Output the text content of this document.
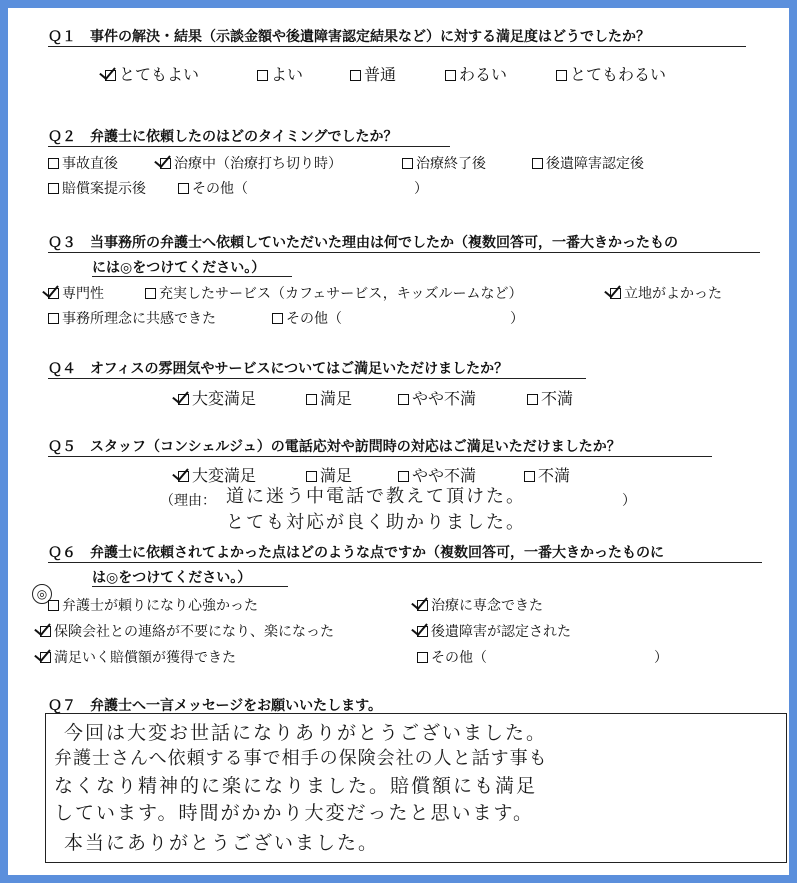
Ｑ１　事件の解決・結果（示談金額や後遺障害認定結果など）に対する満足度はどうでしたか？
とてもよい	よい	普通	わるい	とてもわるい
Ｑ２　弁護士に依頼したのはどのタイミングでしたか？
事故直後	治療中（治療打ち切り時）	治療終了後	後遺障害認定後
賠償案提示後	その他（	）
Ｑ３　当事務所の弁護士へ依頼していただいた理由は何でしたか（複数回答可，一番大きかったもの
には◎をつけてください。）
専門性	充実したサービス（カフェサービス，キッズルームなど）	立地がよかった
事務所理念に共感できた	その他（	）
Ｑ４　オフィスの雰囲気やサービスについてはご満足いただけましたか？
大変満足	満足	やや不満	不満
Ｑ５　スタッフ（コンシェルジュ）の電話応対や訪問時の対応はご満足いただけましたか？
大変満足	満足	やや不満	不満
（理由： 道に迷う中電話で教えて頂けた。	）
とても対応が良く助かりました。
Ｑ６　弁護士に依頼されてよかった点はどのような点ですか（複数回答可，一番大きかったものに
は◎をつけてください。）
◎
弁護士が頼りになり心強かった	治療に専念できた
保険会社との連絡が不要になり、楽になった	後遺障害が認定された
満足いく賠償額が獲得できた	その他（	）
Ｑ７　弁護士へ一言メッセージをお願いいたします。
今回は大変お世話になりありがとうございました。
弁護士さんへ依頼する事で相手の保険会社の人と話す事も
なくなり精神的に楽になりました。賠償額にも満足
しています。時間がかかり大変だったと思います。
本当にありがとうございました。
